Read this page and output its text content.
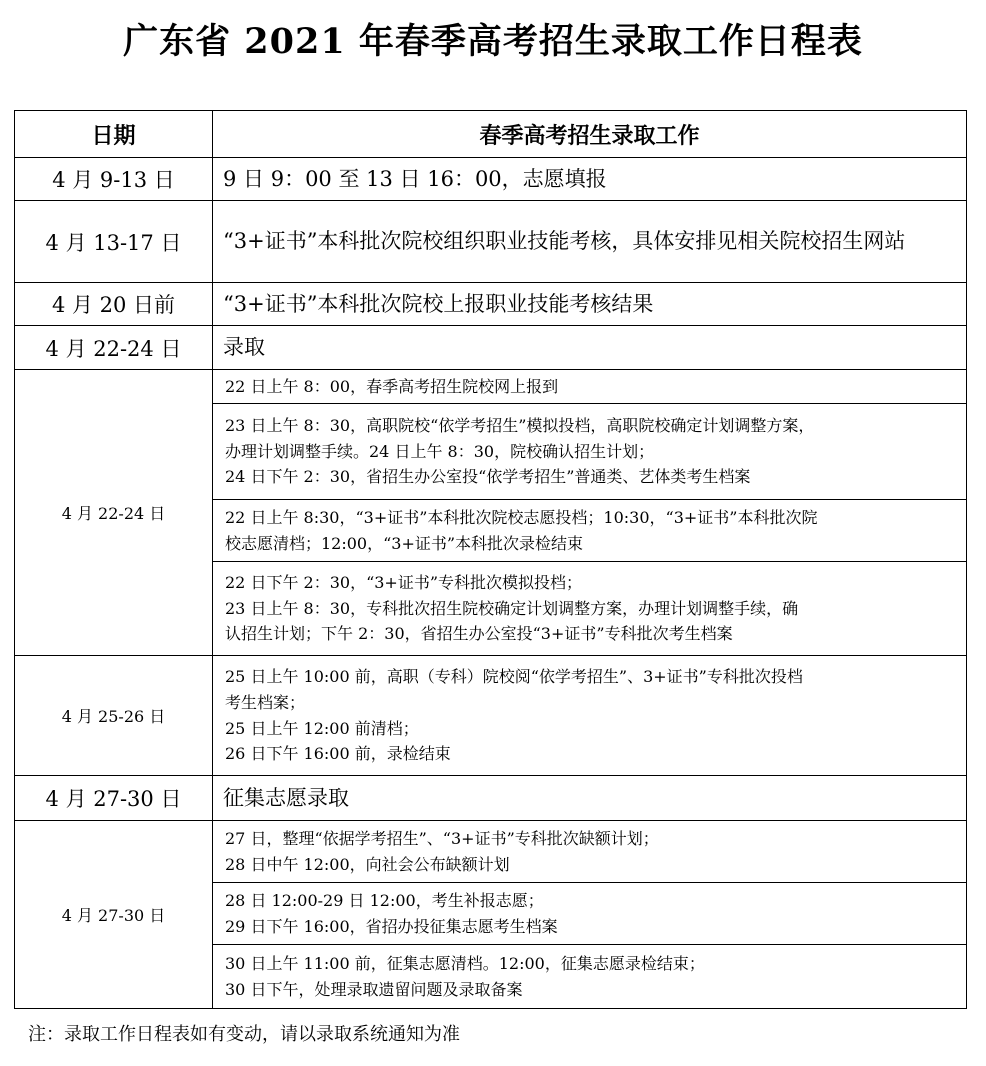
广东省 2021 年春季高考招生录取工作日程表
日期	春季高考招生录取工作
4 月 9-13 日	9 日 9：00 至 13 日 16：00，志愿填报

4 月 13-17 日	“3+证书”本科批次院校组织职业技能考核，具体安排见相关院校招生网站

4 月 20 日前	“3+证书”本科批次院校上报职业技能考核结果

4 月 22-24 日	录取

4 月 22-24 日	22 日上午 8：00，春季高考招生院校网上报到

	23 日上午 8：30，高职院校“依学考招生”模拟投档，高职院校确定计划调整方案，
办理计划调整手续。24 日上午 8：30，院校确认招生计划；
24 日下午 2：30，省招生办公室投“依学考招生”普通类、艺体类考生档案

	22 日上午 8:30，“3+证书”本科批次院校志愿投档；10:30，“3+证书”本科批次院
校志愿清档；12:00，“3+证书”本科批次录检结束

	22 日下午 2：30，“3+证书”专科批次模拟投档；
23 日上午 8：30，专科批次招生院校确定计划调整方案，办理计划调整手续，确
认招生计划；下午 2：30，省招生办公室投“3+证书”专科批次考生档案

4 月 25-26 日	25 日上午 10:00 前，高职（专科）院校阅“依学考招生”、3+证书”专科批次投档
考生档案；
25 日上午 12:00 前清档；
26 日下午 16:00 前，录检结束

4 月 27-30 日	征集志愿录取

4 月 27-30 日	27 日，整理“依据学考招生”、“3+证书”专科批次缺额计划；
28 日中午 12:00，向社会公布缺额计划

	28 日 12:00-29 日 12:00，考生补报志愿；
29 日下午 16:00，省招办投征集志愿考生档案

	30 日上午 11:00 前，征集志愿清档。12:00，征集志愿录检结束；
30 日下午，处理录取遗留问题及录取备案
注：录取工作日程表如有变动，请以录取系统通知为准
